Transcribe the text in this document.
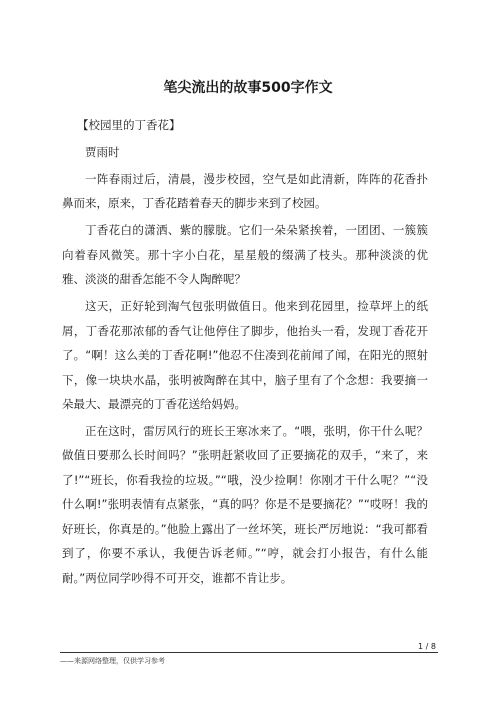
笔尖流出的故事500字作文

【校园里的丁香花】

贾雨时

一阵春雨过后，清晨，漫步校园，空气是如此清新，阵阵的花香扑鼻而来，原来，丁香花踏着春天的脚步来到了校园。

丁香花白的潇洒、紫的朦胧。它们一朵朵紧挨着，一团团、一簇簇向着春风微笑。那十字小白花，星星般的缀满了枝头。那种淡淡的优雅、淡淡的甜香怎能不令人陶醉呢？

这天，正好轮到淘气包张明做值日。他来到花园里，捡草坪上的纸屑，丁香花那浓郁的香气让他停住了脚步，他抬头一看，发现丁香花开了。“啊！这么美的丁香花啊!”他忍不住凑到花前闻了闻，在阳光的照射下，像一块块水晶，张明被陶醉在其中，脑子里有了个念想：我要摘一朵最大、最漂亮的丁香花送给妈妈。

正在这时，雷厉风行的班长王寒冰来了。“喂，张明，你干什么呢？做值日要那么长时间吗？”张明赶紧收回了正要摘花的双手，“来了，来了!”“班长，你看我捡的垃圾。”“哦，没少捡啊！你刚才干什么呢？”“没什么啊!”张明表情有点紧张，“真的吗？你是不是要摘花？”“哎呀！我的好班长，你真是的。”他脸上露出了一丝坏笑，班长严厉地说：“我可都看到了，你要不承认，我便告诉老师。”“哼，就会打小报告，有什么能耐。”两位同学吵得不可开交，谁都不肯让步。

1 / 8
——来源网络整理，仅供学习参考
